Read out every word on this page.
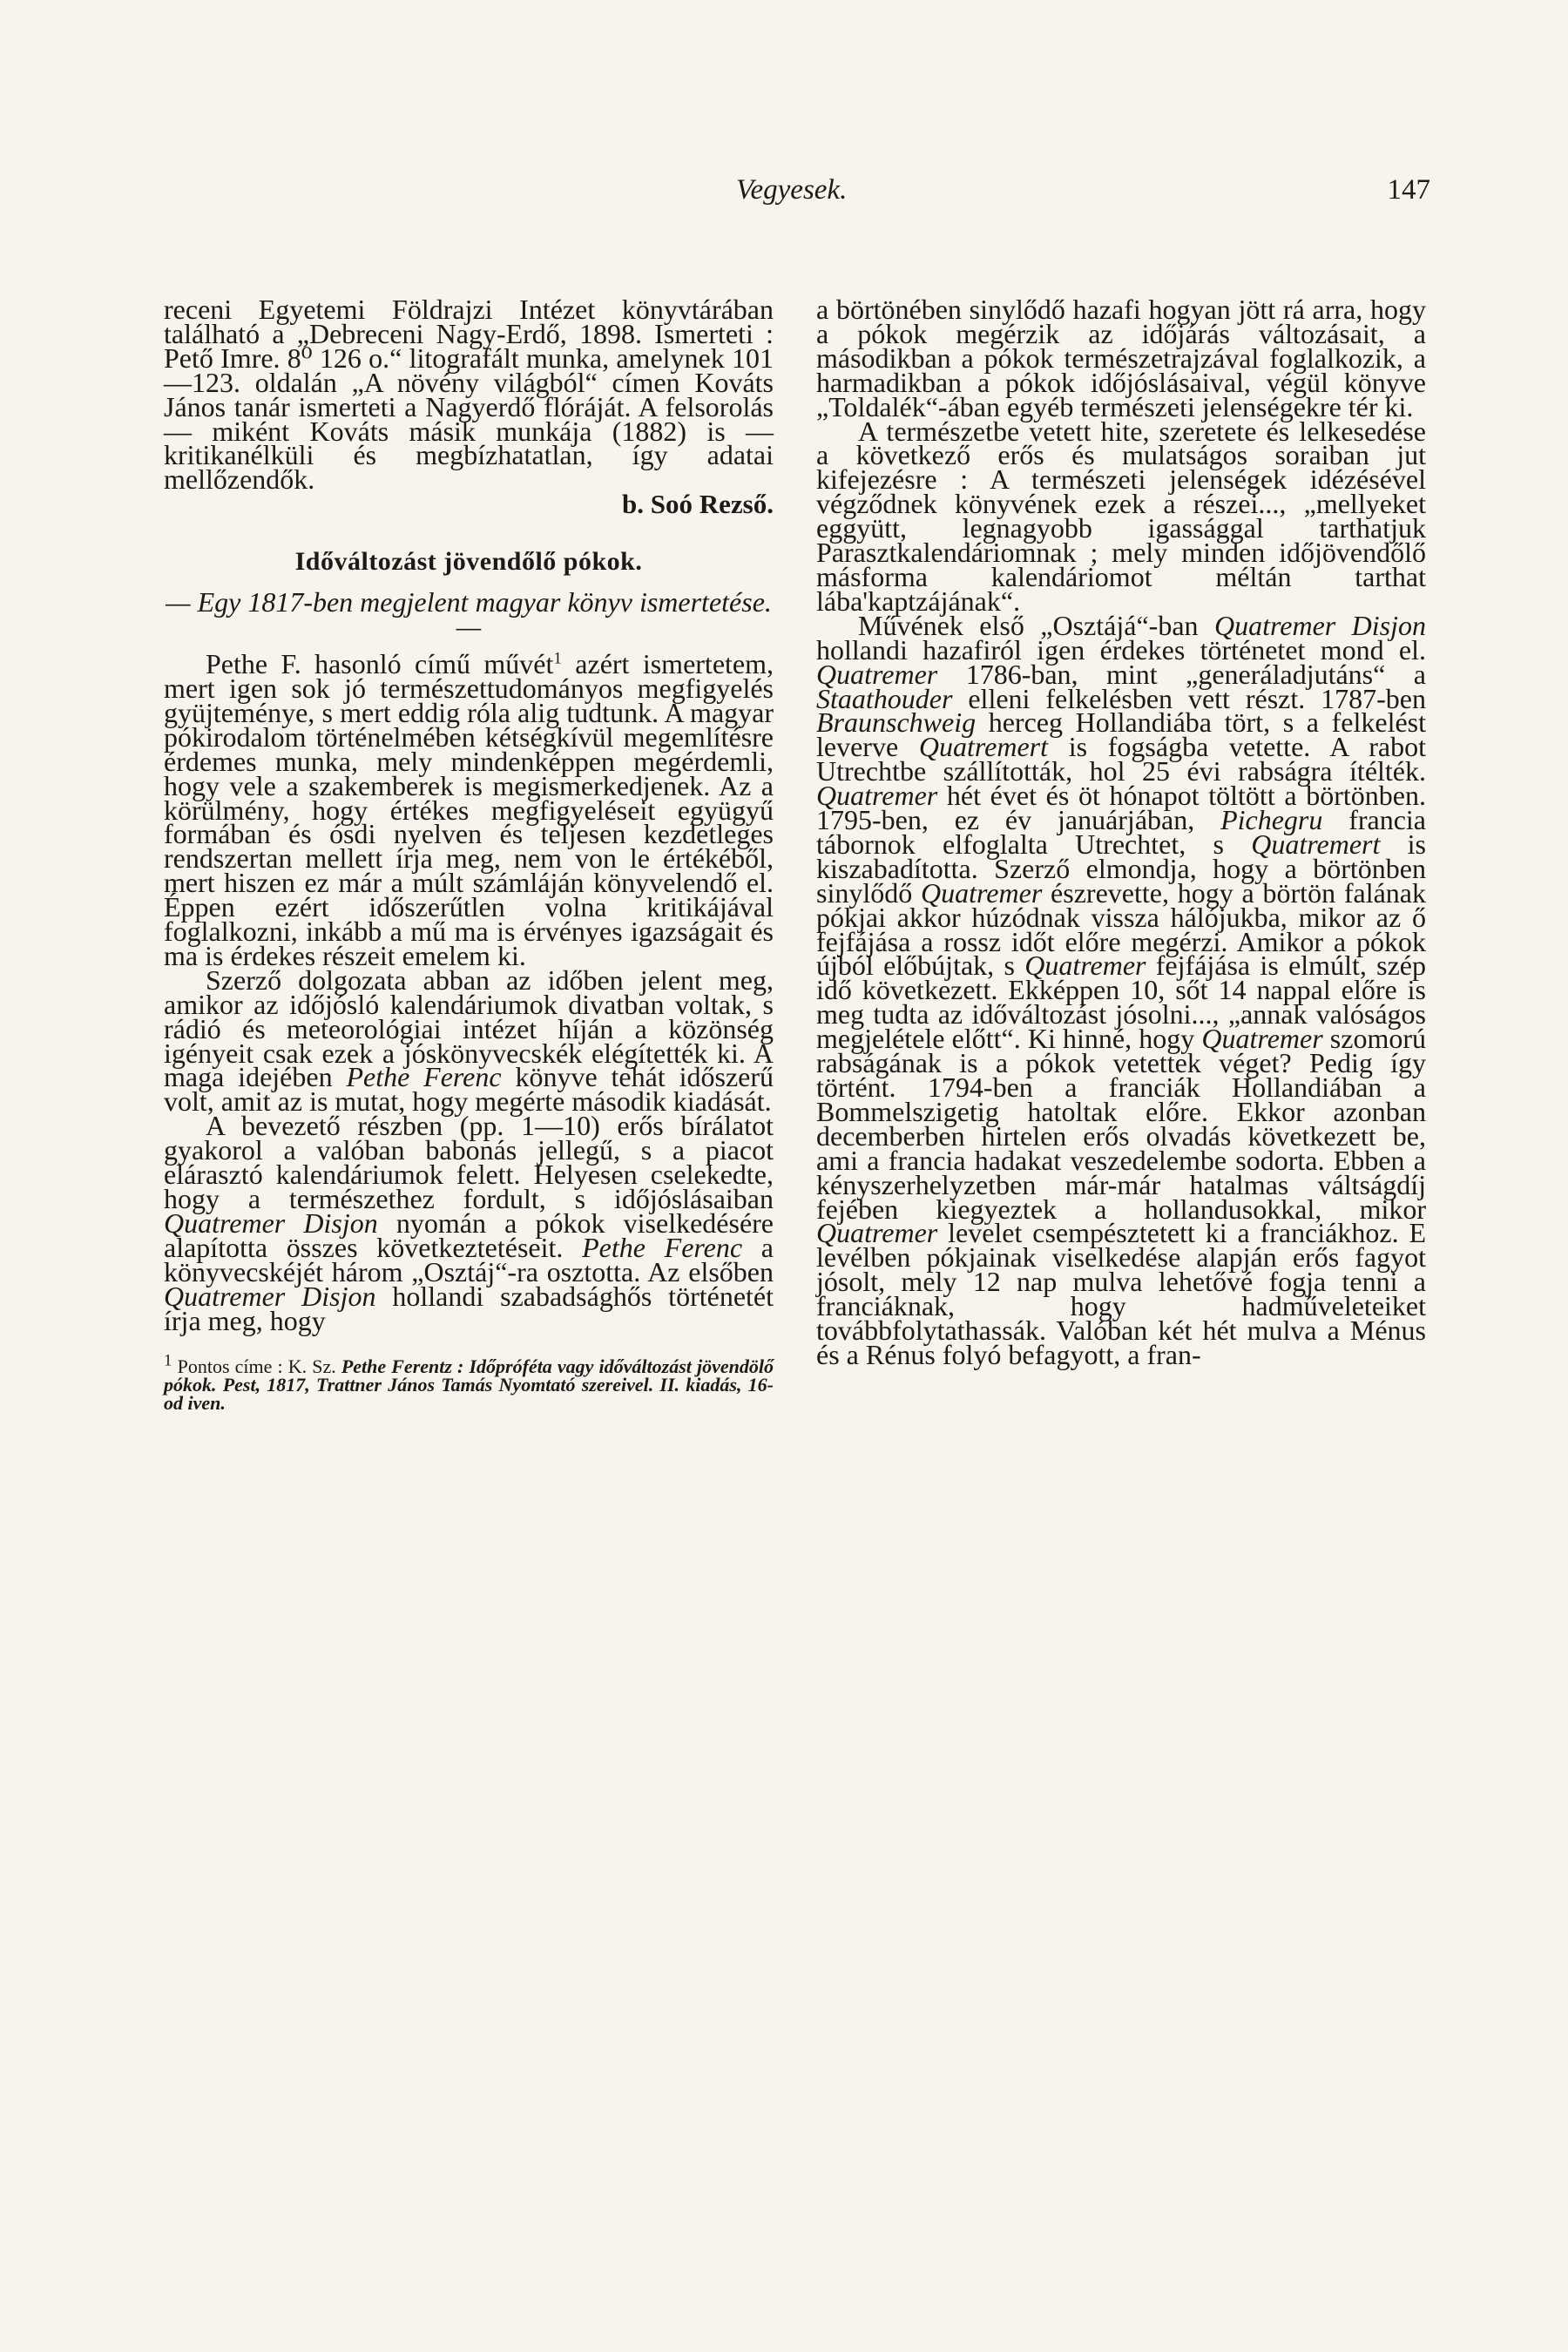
Vegyesek.	147

receni Egyetemi Földrajzi Intézet könyvtárában található a „Debreceni Nagy-Erdő, 1898. Ismerteti : Pető Imre. 8⁰ 126 o.“ litografált munka, amelynek 101—123. oldalán „A növény világból“ címen Kováts János tanár ismerteti a Nagyerdő flóráját. A felsorolás — miként Kováts másik munkája (1882) is — kritikanélküli és megbízhatatlan, így adatai mellőzendők.

b. Soó Rezső.

Időváltozást jövendőlő pókok.
— Egy 1817-ben megjelent magyar könyv ismertetése. —

Pethe F. hasonló című művét$^1$ azért ismertetem, mert igen sok jó természettudományos megfigyelés gyüjteménye, s mert eddig róla alig tudtunk. A magyar pókirodalom történelmében kétségkívül megemlítésre érdemes munka, mely mindenképpen megérdemli, hogy vele a szakemberek is megismerkedjenek. Az a körülmény, hogy értékes megfigyeléseit együgyű formában és ósdi nyelven és teljesen kezdetleges rendszertan mellett írja meg, nem von le értékéből, mert hiszen ez már a múlt számláján könyvelendő el. Éppen ezért időszerűtlen volna kritikájával foglalkozni, inkább a mű ma is érvényes igazságait és ma is érdekes részeit emelem ki.

Szerző dolgozata abban az időben jelent meg, amikor az időjósló kalendáriumok divatban voltak, s rádió és meteorológiai intézet híján a közönség igényeit csak ezek a jóskönyvecskék elégítették ki. A maga idejében Pethe Ferenc könyve tehát időszerű volt, amit az is mutat, hogy megérte második kiadását.

A bevezető részben (pp. 1—10) erős bírálatot gyakorol a valóban babonás jellegű, s a piacot elárasztó kalendáriumok felett. Helyesen cselekedte, hogy a természethez fordult, s időjóslásaiban Quatremer Disjon nyomán a pókok viselkedésére alapította összes következtetéseit. Pethe Ferenc a könyvecskéjét három „Osztáj“-ra osztotta. Az elsőben Quatremer Disjon hollandi szabadsághős történetét írja meg, hogy

$^1$ Pontos címe : K. Sz. Pethe Ferentz : Időpróféta vagy időváltozást jövendölő pókok. Pest, 1817, Trattner János Tamás Nyomtató szereivel. II. kiadás, 16-od iven.

a börtönében sinylődő hazafi hogyan jött rá arra, hogy a pókok megérzik az időjárás változásait, a másodikban a pókok természetrajzával foglalkozik, a harmadikban a pókok időjóslásaival, végül könyve „Toldalék“-ában egyéb természeti jelenségekre tér ki.

A természetbe vetett hite, szeretete és lelkesedése a következő erős és mulatságos soraiban jut kifejezésre : A természeti jelenségek idézésével végződnek könyvének ezek a részei..., „mellyeket eggyütt, legnagyobb igassággal tarthatjuk Parasztkalendáriomnak ; mely minden időjövendőlő másforma kalendáriomot méltán tarthat lába'kaptzájának“.

Művének első „Osztájá“-ban Quatremer Disjon hollandi hazafiról igen érdekes történetet mond el. Quatremer 1786-ban, mint „generáladjutáns“ a Staathouder elleni felkelésben vett részt. 1787-ben Braunschweig herceg Hollandiába tört, s a felkelést leverve Quatremert is fogságba vetette. A rabot Utrechtbe szállították, hol 25 évi rabságra ítélték. Quatremer hét évet és öt hónapot töltött a börtönben. 1795-ben, ez év januárjában, Pichegru francia tábornok elfoglalta Utrechtet, s Quatremert is kiszabadította. Szerző elmondja, hogy a börtönben sinylődő Quatremer észrevette, hogy a börtön falának pókjai akkor húzódnak vissza hálójukba, mikor az ő fejfájása a rossz időt előre megérzi. Amikor a pókok újból előbújtak, s Quatremer fejfájása is elmúlt, szép idő következett. Ekképpen 10, sőt 14 nappal előre is meg tudta az időváltozást jósolni..., „annak valóságos megjelétele előtt“. Ki hinné, hogy Quatremer szomorú rabságának is a pókok vetettek véget? Pedig így történt. 1794-ben a franciák Hollandiában a Bommelszigetig hatoltak előre. Ekkor azonban decemberben hirtelen erős olvadás következett be, ami a francia hadakat veszedelembe sodorta. Ebben a kényszerhelyzetben már-már hatalmas váltságdíj fejében kiegyeztek a hollandusokkal, mikor Quatremer levelet csempésztetett ki a franciákhoz. E levélben pókjainak viselkedése alapján erős fagyot jósolt, mely 12 nap mulva lehetővé fogja tenni a franciáknak, hogy hadműveleteiket továbbfolytathassák. Valóban két hét mulva a Ménus és a Rénus folyó befagyott, a fran-
